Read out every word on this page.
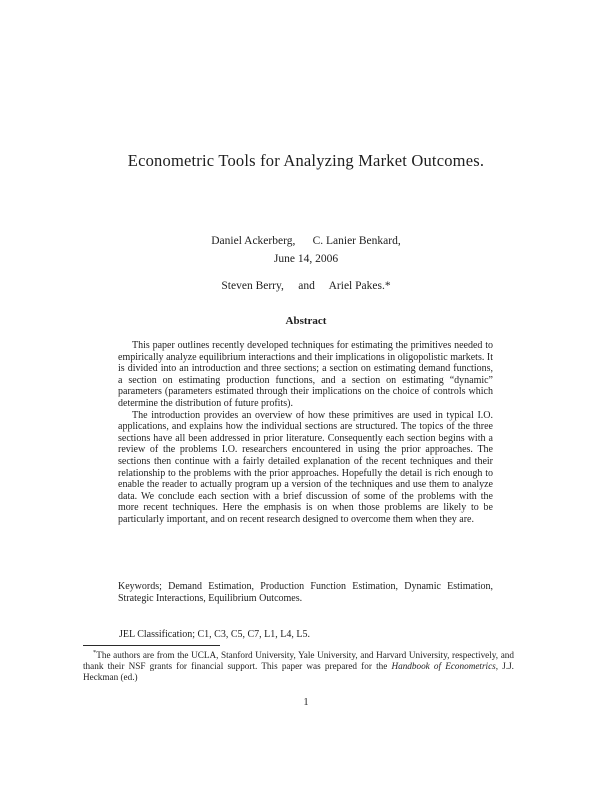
Econometric Tools for Analyzing Market Outcomes.

Daniel Ackerberg,      C. Lanier Benkard,

Steven Berry,     and     Ariel Pakes.*

June 14, 2006
Abstract

This paper outlines recently developed techniques for estimating the primitives needed to empirically analyze equilibrium interactions and their implications in oligopolistic markets. It is divided into an introduction and three sections; a section on estimating demand functions, a section on estimating production functions, and a section on estimating “dynamic” parameters (parameters estimated through their implications on the choice of controls which determine the distribution of future profits).

The introduction provides an overview of how these primitives are used in typical I.O. applications, and explains how the individual sections are structured. The topics of the three sections have all been addressed in prior literature. Consequently each section begins with a review of the problems I.O. researchers encountered in using the prior approaches. The sections then continue with a fairly detailed explanation of the recent techniques and their relationship to the problems with the prior approaches. Hopefully the detail is rich enough to enable the reader to actually program up a version of the techniques and use them to analyze data. We conclude each section with a brief discussion of some of the problems with the more recent techniques. Here the emphasis is on when those problems are likely to be particularly important, and on recent research designed to overcome them when they are.

Keywords; Demand Estimation, Production Function Estimation, Dynamic Estimation, Strategic Interactions, Equilibrium Outcomes.

JEL Classification; C1, C3, C5, C7, L1, L4, L5.

*The authors are from the UCLA, Stanford University, Yale University, and Harvard University, respectively, and thank their NSF grants for financial support. This paper was prepared for the Handbook of Econometrics, J.J. Heckman (ed.)

1
